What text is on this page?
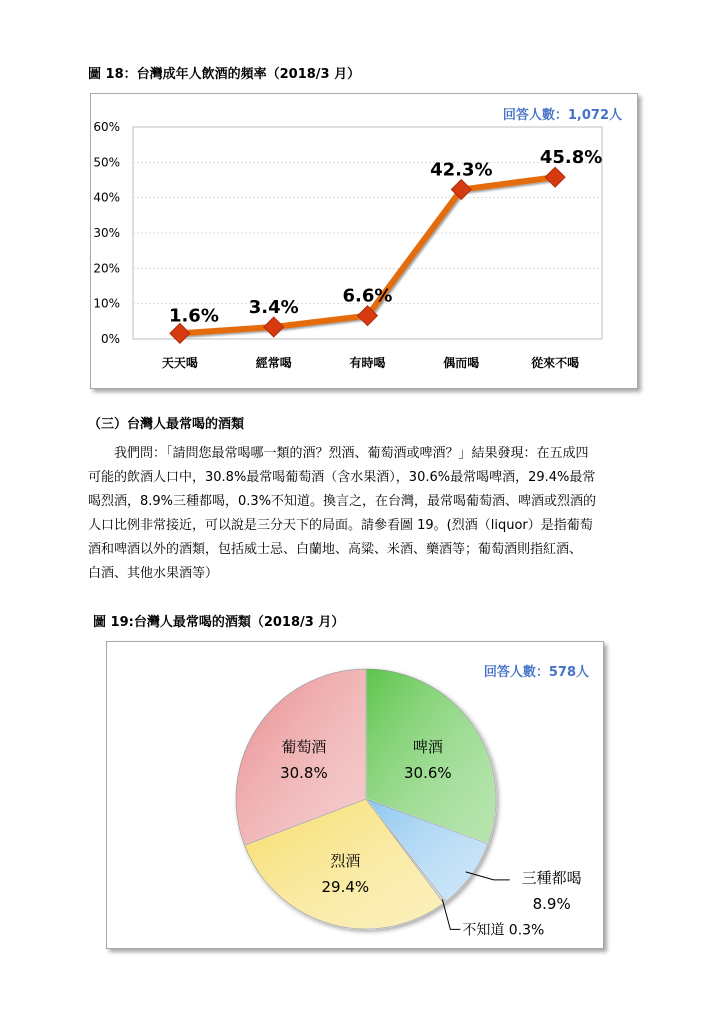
圖 18：台灣成年人飲酒的頻率（2018/3 月）
回答人數：1,072人
0%
10%
20%
30%
40%
50%
60%
1.6%
天天喝
3.4%
經常喝
6.6%
有時喝
42.3%
偶而喝
45.8%
從來不喝
（三）台灣人最常喝的酒類
我們問：「請問您最常喝哪一類的酒？烈酒、葡萄酒或啤酒？」結果發現：在五成四
可能的飲酒人口中，30.8%最常喝葡萄酒（含水果酒），30.6%最常喝啤酒，29.4%最常
喝烈酒，8.9%三種都喝，0.3%不知道。換言之，在台灣，最常喝葡萄酒、啤酒或烈酒的
人口比例非常接近，可以說是三分天下的局面。請參看圖 19。(烈酒（liquor）是指葡萄
酒和啤酒以外的酒類，包括威士忌、白蘭地、高粱、米酒、藥酒等；葡萄酒則指紅酒、
白酒、其他水果酒等）
圖 19:台灣人最常喝的酒類（2018/3 月）
回答人數：578人
啤酒
30.6%
烈酒
29.4%
葡萄酒
30.8%
三種都喝
8.9%
不知道 0.3%
